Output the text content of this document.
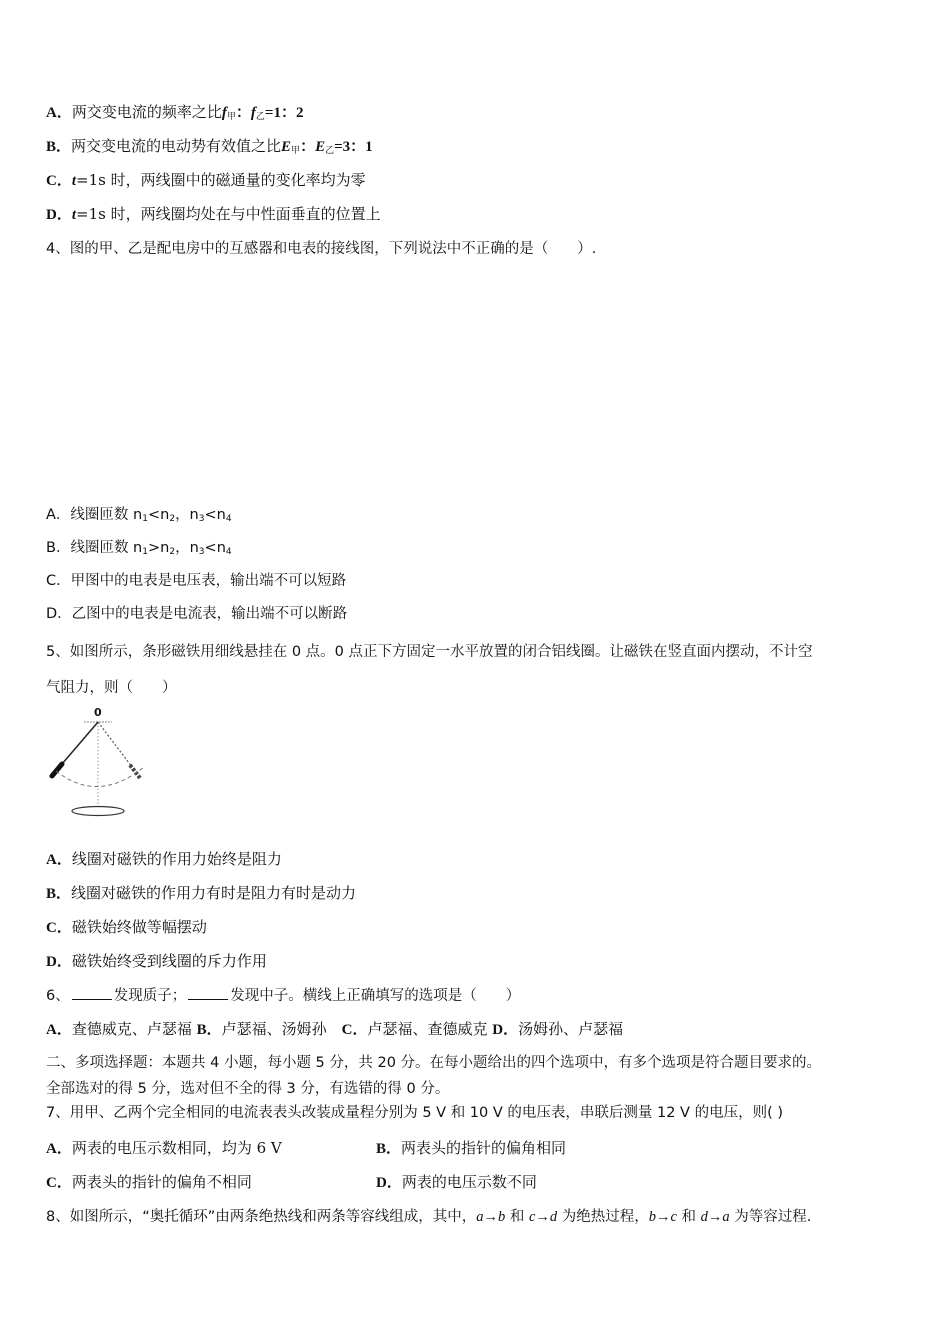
A．两交变电流的频率之比$f_甲$：$f_乙=1$：2
B．两交变电流的电动势有效值之比$E_甲$：$E_乙=3$：1
C．t=1s 时，两线圈中的磁通量的变化率均为零
D．t=1s 时，两线圈均处在与中性面垂直的位置上
4、图的甲、乙是配电房中的互感器和电表的接线图，下列说法中不正确的是（　　）.
A．线圈匝数 $n_1<n_2$，$n_3<n_4$
B．线圈匝数 $n_1>n_2$，$n_3<n_4$
C．甲图中的电表是电压表，输出端不可以短路
D．乙图中的电表是电流表，输出端不可以断路
5、如图所示，条形磁铁用细线悬挂在 0 点。0 点正下方固定一水平放置的闭合铝线圈。让磁铁在竖直面内摆动，不计空
气阻力，则（　　）
0
A．线圈对磁铁的作用力始终是阻力
B．线圈对磁铁的作用力有时是阻力有时是动力
C．磁铁始终做等幅摆动
D．磁铁始终受到线圈的斥力作用
6、	发现质子；	发现中子。横线上正确填写的选项是（　　）
A．查德威克、卢瑟福 B．卢瑟福、汤姆孙　C．卢瑟福、查德威克 D．汤姆孙、卢瑟福
二、多项选择题：本题共 4 小题，每小题 5 分，共 20 分。在每小题给出的四个选项中，有多个选项是符合题目要求的。
全部选对的得 5 分，选对但不全的得 3 分，有选错的得 0 分。
7、用甲、乙两个完全相同的电流表表头改装成量程分别为 5 V 和 10 V 的电压表，串联后测量 12 V 的电压，则( )
A．两表的电压示数相同，均为 6 V	B．两表头的指针的偏角相同
C．两表头的指针的偏角不相同	D．两表的电压示数不同
8、如图所示，“奥托循环”由两条绝热线和两条等容线组成，其中，a→b 和 c→d 为绝热过程，b→c 和 d→a 为等容过程.
